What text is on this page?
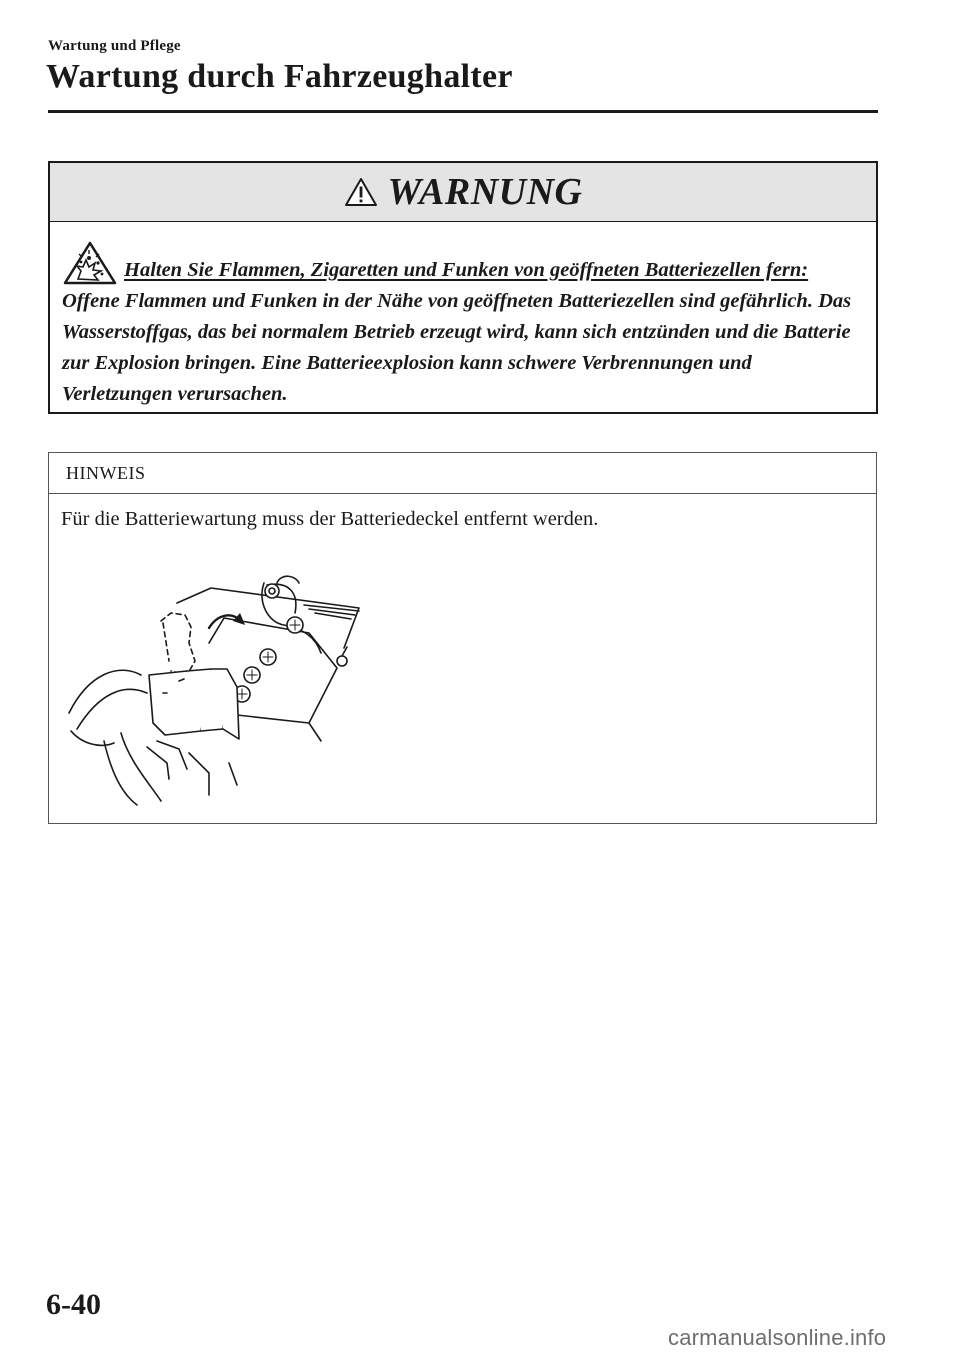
Wartung und Pflege
Wartung durch Fahrzeughalter
WARNUNG
Halten Sie Flammen, Zigaretten und Funken von geöffneten Batteriezellen fern:

Offene Flammen und Funken in der Nähe von geöffneten Batteriezellen sind gefährlich. Das Wasserstoffgas, das bei normalem Betrieb erzeugt wird, kann sich entzünden und die Batterie zur Explosion bringen. Eine Batterieexplosion kann schwere Verbrennungen und Verletzungen verursachen.

HINWEIS

Für die Batteriewartung muss der Batteriedeckel entfernt werden.

6-40
carmanualsonline.info
